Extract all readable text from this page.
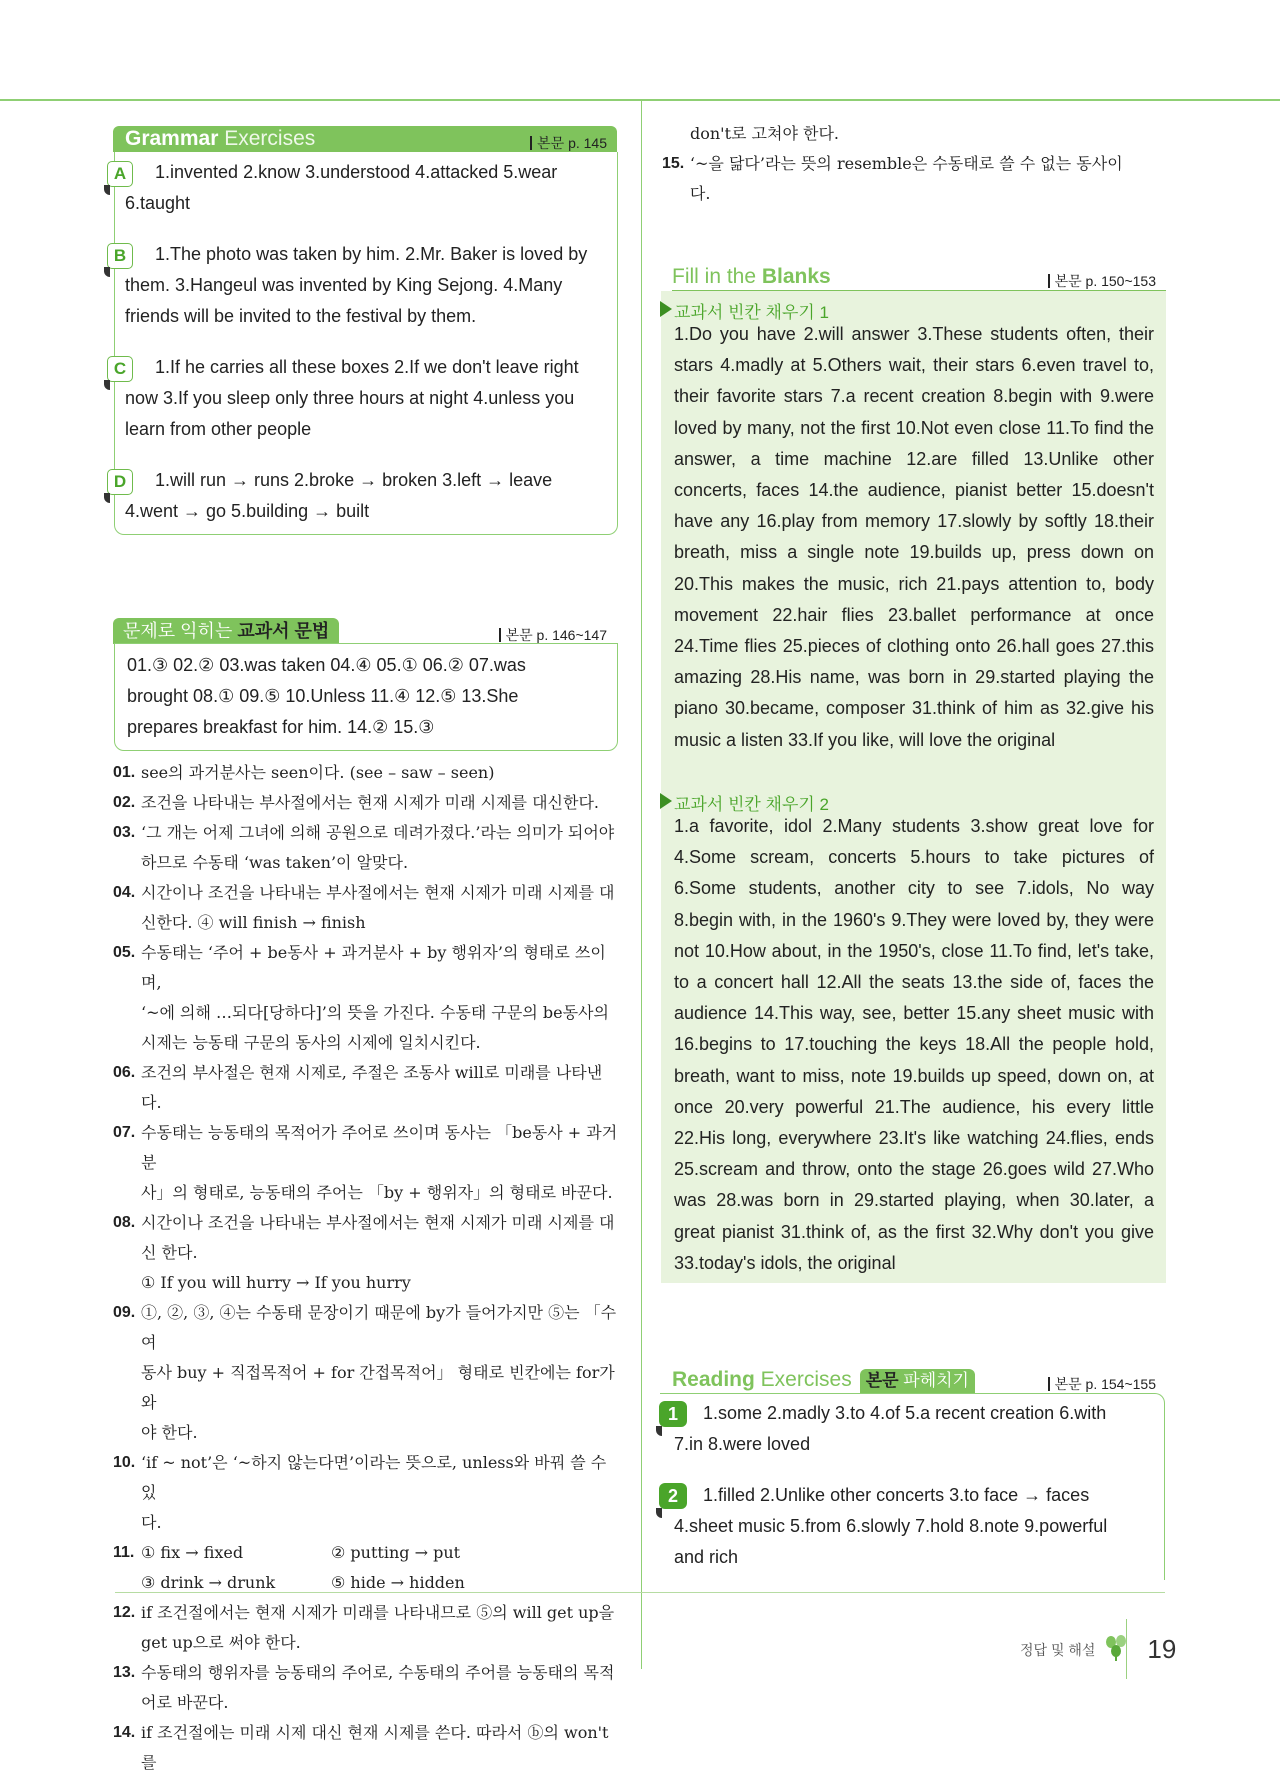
Grammar Exercises	본문 p. 145
A	1.invented 2.know 3.understood 4.attacked 5.wear
6.taught
B	1.The photo was taken by him. 2.Mr. Baker is loved by
them. 3.Hangeul was invented by King Sejong. 4.Many
friends will be invited to the festival by them.
C	1.If he carries all these boxes 2.If we don't leave right
now 3.If you sleep only three hours at night 4.unless you
learn from other people
D	1.will run → runs 2.broke → broken 3.left → leave
4.went → go 5.building → built
문제로 익히는 교과서 문법	본문 p. 146~147
01.③ 02.② 03.was taken 04.④ 05.① 06.② 07.was
brought 08.① 09.⑤ 10.Unless 11.④ 12.⑤ 13.She
prepares breakfast for him. 14.② 15.③
01. see의 과거분사는 seen이다. (see – saw – seen)
02. 조건을 나타내는 부사절에서는 현재 시제가 미래 시제를 대신한다.
03. ‘그 개는 어제 그녀에 의해 공원으로 데려가졌다.’라는 의미가 되어야
하므로 수동태 ‘was taken’이 알맞다.
04. 시간이나 조건을 나타내는 부사절에서는 현재 시제가 미래 시제를 대
신한다. ④ will finish → finish
05. 수동태는 ‘주어 + be동사 + 과거분사 + by 행위자’의 형태로 쓰이며,
‘~에 의해 …되다[당하다]’의 뜻을 가진다. 수동태 구문의 be동사의
시제는 능동태 구문의 동사의 시제에 일치시킨다.
06. 조건의 부사절은 현재 시제로, 주절은 조동사 will로 미래를 나타낸다.
07. 수동태는 능동태의 목적어가 주어로 쓰이며 동사는 「be동사 + 과거분
사」의 형태로, 능동태의 주어는 「by + 행위자」의 형태로 바꾼다.
08. 시간이나 조건을 나타내는 부사절에서는 현재 시제가 미래 시제를 대
신 한다.
① If you will hurry → If you hurry
09. ①, ②, ③, ④는 수동태 문장이기 때문에 by가 들어가지만 ⑤는 「수여
동사 buy + 직접목적어 + for 간접목적어」 형태로 빈칸에는 for가 와
야 한다.
10. ‘if ~ not’은 ‘~하지 않는다면’이라는 뜻으로, unless와 바꿔 쓸 수 있
다.
11. ① fix → fixed	② putting → put
③ drink → drunk	⑤ hide → hidden
12. if 조건절에서는 현재 시제가 미래를 나타내므로 ⑤의 will get up을
get up으로 써야 한다.
13. 수동태의 행위자를 능동태의 주어로, 수동태의 주어를 능동태의 목적
어로 바꾼다.
14. if 조건절에는 미래 시제 대신 현재 시제를 쓴다. 따라서 ⓑ의 won't를
don't로 고쳐야 한다.
15. ‘~을 닮다’라는 뜻의 resemble은 수동태로 쓸 수 없는 동사이다.
Fill in the Blanks	본문 p. 150~153
교과서 빈칸 채우기 1
1.Do you have 2.will answer 3.These students often, their stars 4.madly at 5.Others wait, their stars 6.even travel to, their favorite stars 7.a recent creation 8.begin with 9.were loved by many, not the first 10.Not even close 11.To find the answer, a time machine 12.are filled 13.Unlike other concerts, faces 14.the audience, pianist better 15.doesn't have any 16.play from memory 17.slowly by softly 18.their breath, miss a single note 19.builds up, press down on 20.This makes the music, rich 21.pays attention to, body movement 22.hair flies 23.ballet performance at once 24.Time flies 25.pieces of clothing onto 26.hall goes 27.this amazing 28.His name, was born in 29.started playing the piano 30.became, composer 31.think of him as 32.give his music a listen 33.If you like, will love the original
교과서 빈칸 채우기 2
1.a favorite, idol 2.Many students 3.show great love for 4.Some scream, concerts 5.hours to take pictures of 6.Some students, another city to see 7.idols, No way 8.begin with, in the 1960's 9.They were loved by, they were not 10.How about, in the 1950's, close 11.To find, let's take, to a concert hall 12.All the seats 13.the side of, faces the audience 14.This way, see, better 15.any sheet music with 16.begins to 17.touching the keys 18.All the people hold, breath, want to miss, note 19.builds up speed, down on, at once 20.very powerful 21.The audience, his every little 22.His long, everywhere 23.It's like watching 24.flies, ends 25.scream and throw, onto the stage 26.goes wild 27.Who was 28.was born in 29.started playing, when 30.later, a great pianist 31.think of, as the first 32.Why don't you give 33.today's idols, the original
Reading Exercises 본문 파헤치기	본문 p. 154~155
1	1.some 2.madly 3.to 4.of 5.a recent creation 6.with
7.in 8.were loved
2	1.filled 2.Unlike other concerts 3.to face → faces
4.sheet music 5.from 6.slowly 7.hold 8.note 9.powerful
and rich
정답 및 해설 19
